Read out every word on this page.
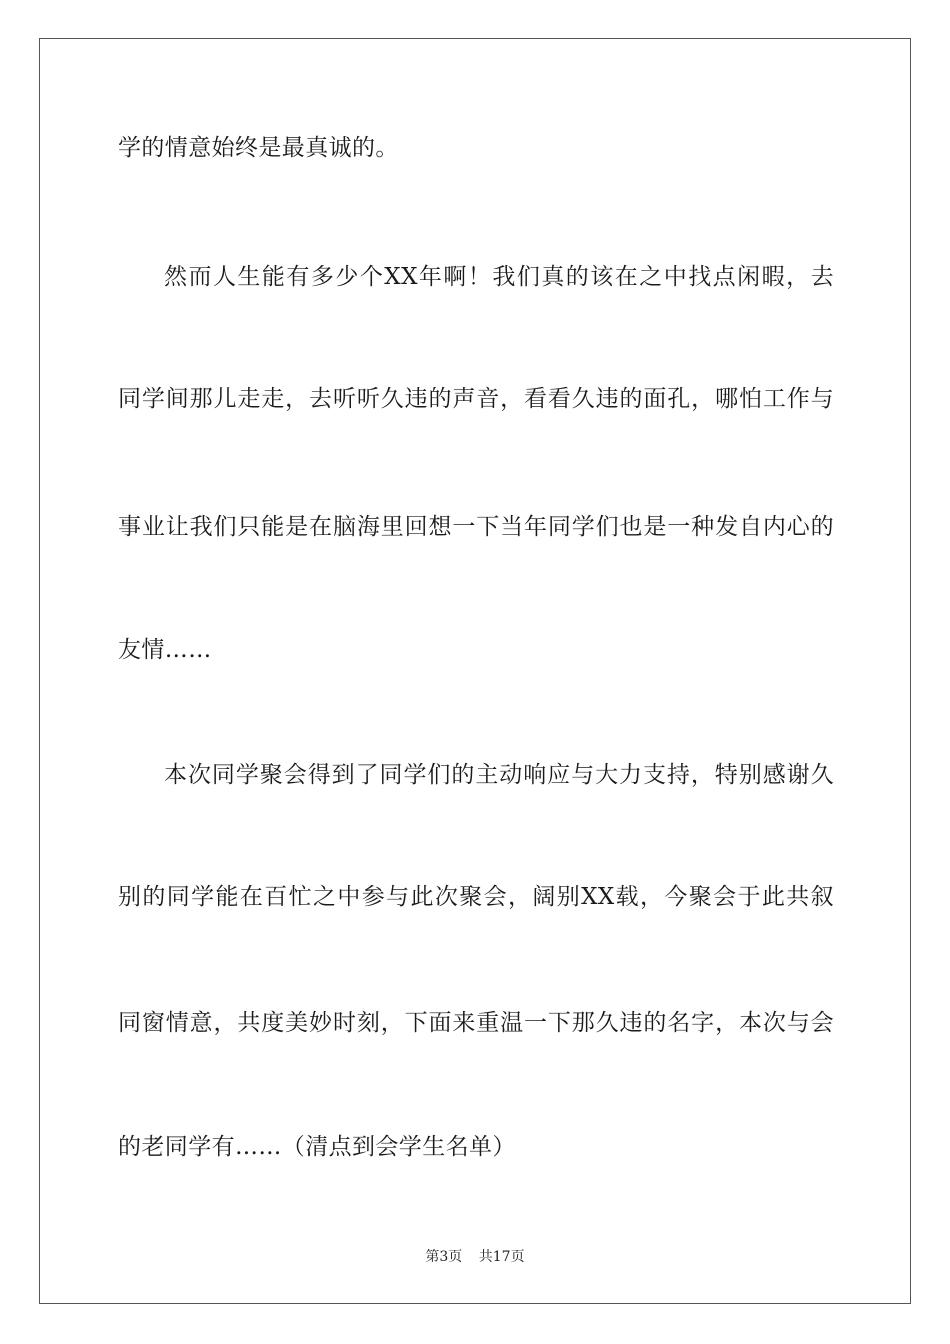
学的情意始终是最真诚的。
然而人生能有多少个XX年啊！我们真的该在之中找点闲暇，去
同学间那儿走走，去听听久违的声音，看看久违的面孔，哪怕工作与
事业让我们只能是在脑海里回想一下当年同学们也是一种发自内心的
友情……
本次同学聚会得到了同学们的主动响应与大力支持，特别感谢久
别的同学能在百忙之中参与此次聚会，阔别XX载，今聚会于此共叙
同窗情意，共度美妙时刻，下面来重温一下那久违的名字，本次与会
的老同学有……（清点到会学生名单）
第3页 共17页
